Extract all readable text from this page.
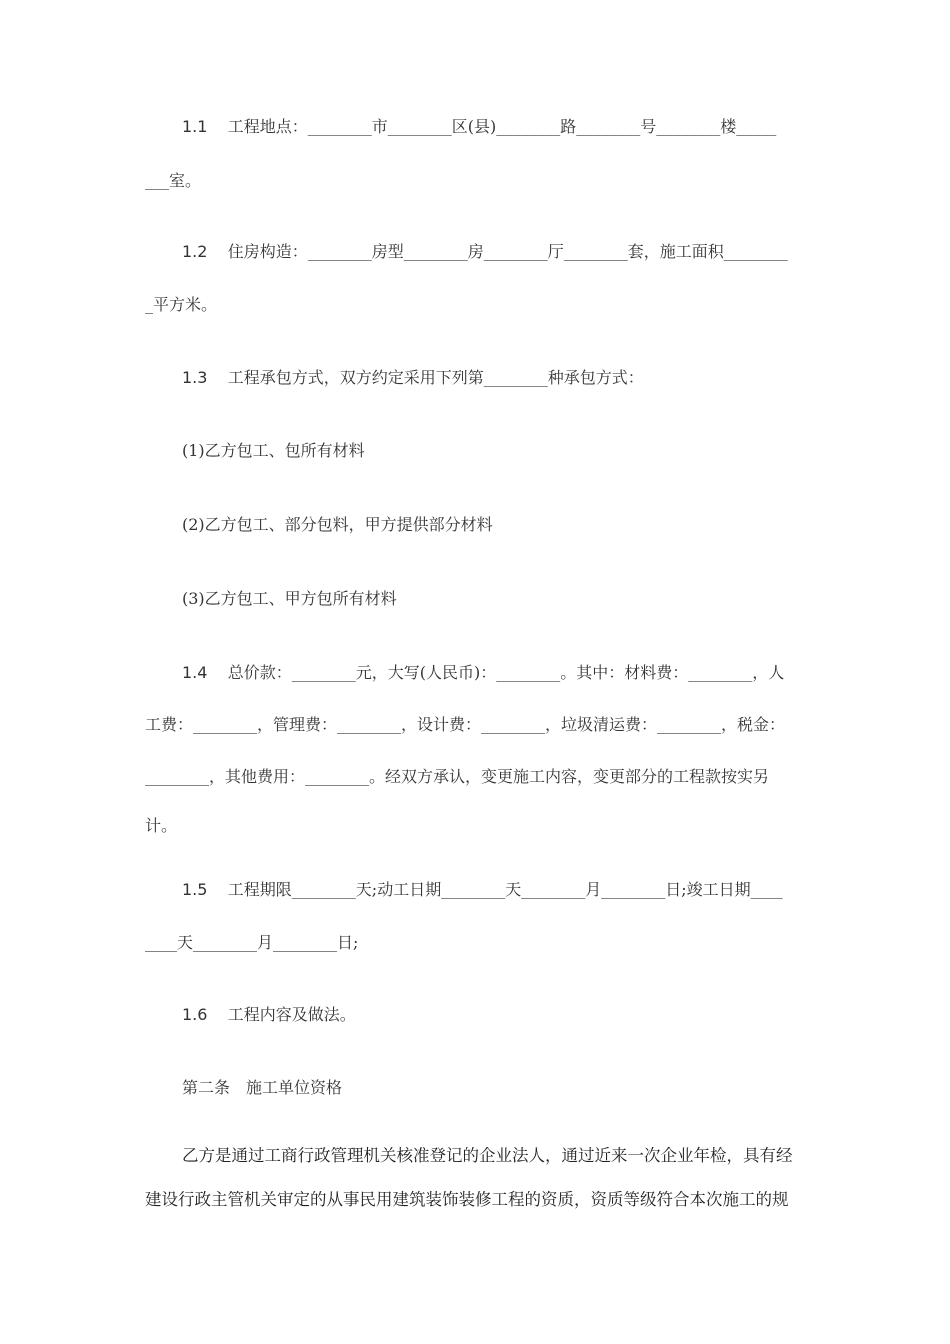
1.1 工程地点：________市________区(县)________路________号________楼_____

___室。

1.2 住房构造：________房型________房________厅________套，施工面积________

_平方米。

1.3 工程承包方式，双方约定采用下列第________种承包方式：

(1)乙方包工、包所有材料

(2)乙方包工、部分包料，甲方提供部分材料

(3)乙方包工、甲方包所有材料

1.4 总价款：________元，大写(人民币)：________。其中：材料费：________，人

工费：________，管理费：________，设计费：________，垃圾清运费：________，税金：

________，其他费用：________。经双方承认，变更施工内容，变更部分的工程款按实另

计。

1.5 工程期限________天;动工日期________天________月________日;竣工日期____

____天________月________日;

1.6 工程内容及做法。

第二条　施工单位资格

乙方是通过工商行政管理机关核准登记的企业法人，通过近来一次企业年检，具有经

建设行政主管机关审定的从事民用建筑装饰装修工程的资质，资质等级符合本次施工的规
